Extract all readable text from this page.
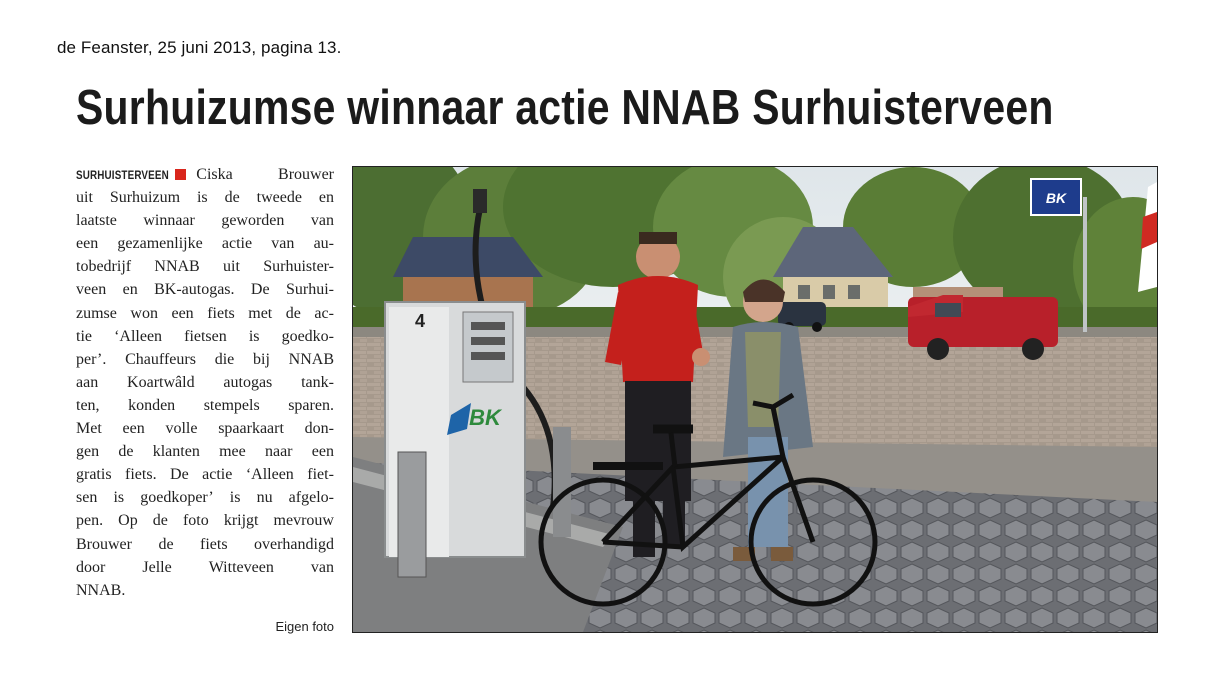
de Feanster, 25 juni 2013, pagina 13.
Surhuizumse winnaar actie NNAB Surhuisterveen
SURHUISTERVEEN	Ciska	Brouwer
uit Surhuizum is de tweede en
laatste winnaar geworden van
een gezamenlijke actie van au-
tobedrijf NNAB uit Surhuister-
veen en BK-autogas. De Surhui-
zumse won een fiets met de ac-
tie ‘Alleen fietsen is goedko-
per’. Chauffeurs die bij NNAB
aan Koartwâld autogas tank-
ten, konden stempels sparen.
Met een volle spaarkaart don-
gen de klanten mee naar een
gratis fiets. De actie ‘Alleen fiet-
sen is goedkoper’ is nu afgelo-
pen. Op de foto krijgt mevrouw
Brouwer de fiets overhandigd
door Jelle Witteveen van
NNAB.
Eigen foto
BK
4
BK
